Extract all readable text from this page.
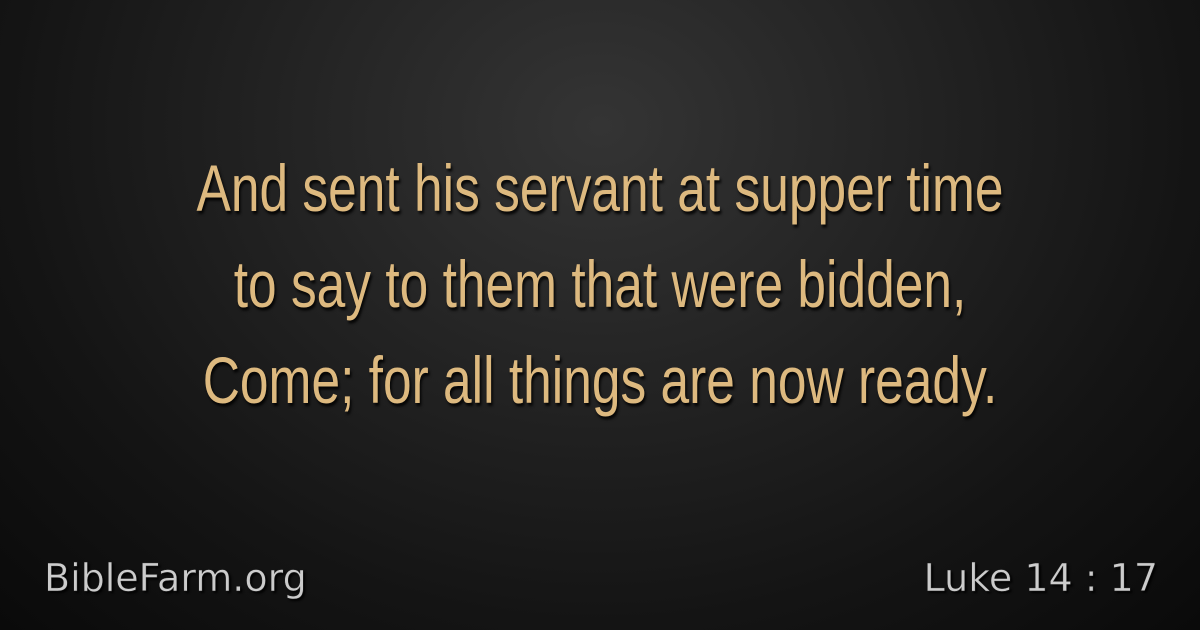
And sent his servant at supper time
to say to them that were bidden,
Come; for all things are now ready.
BibleFarm.org	Luke 14 : 17
